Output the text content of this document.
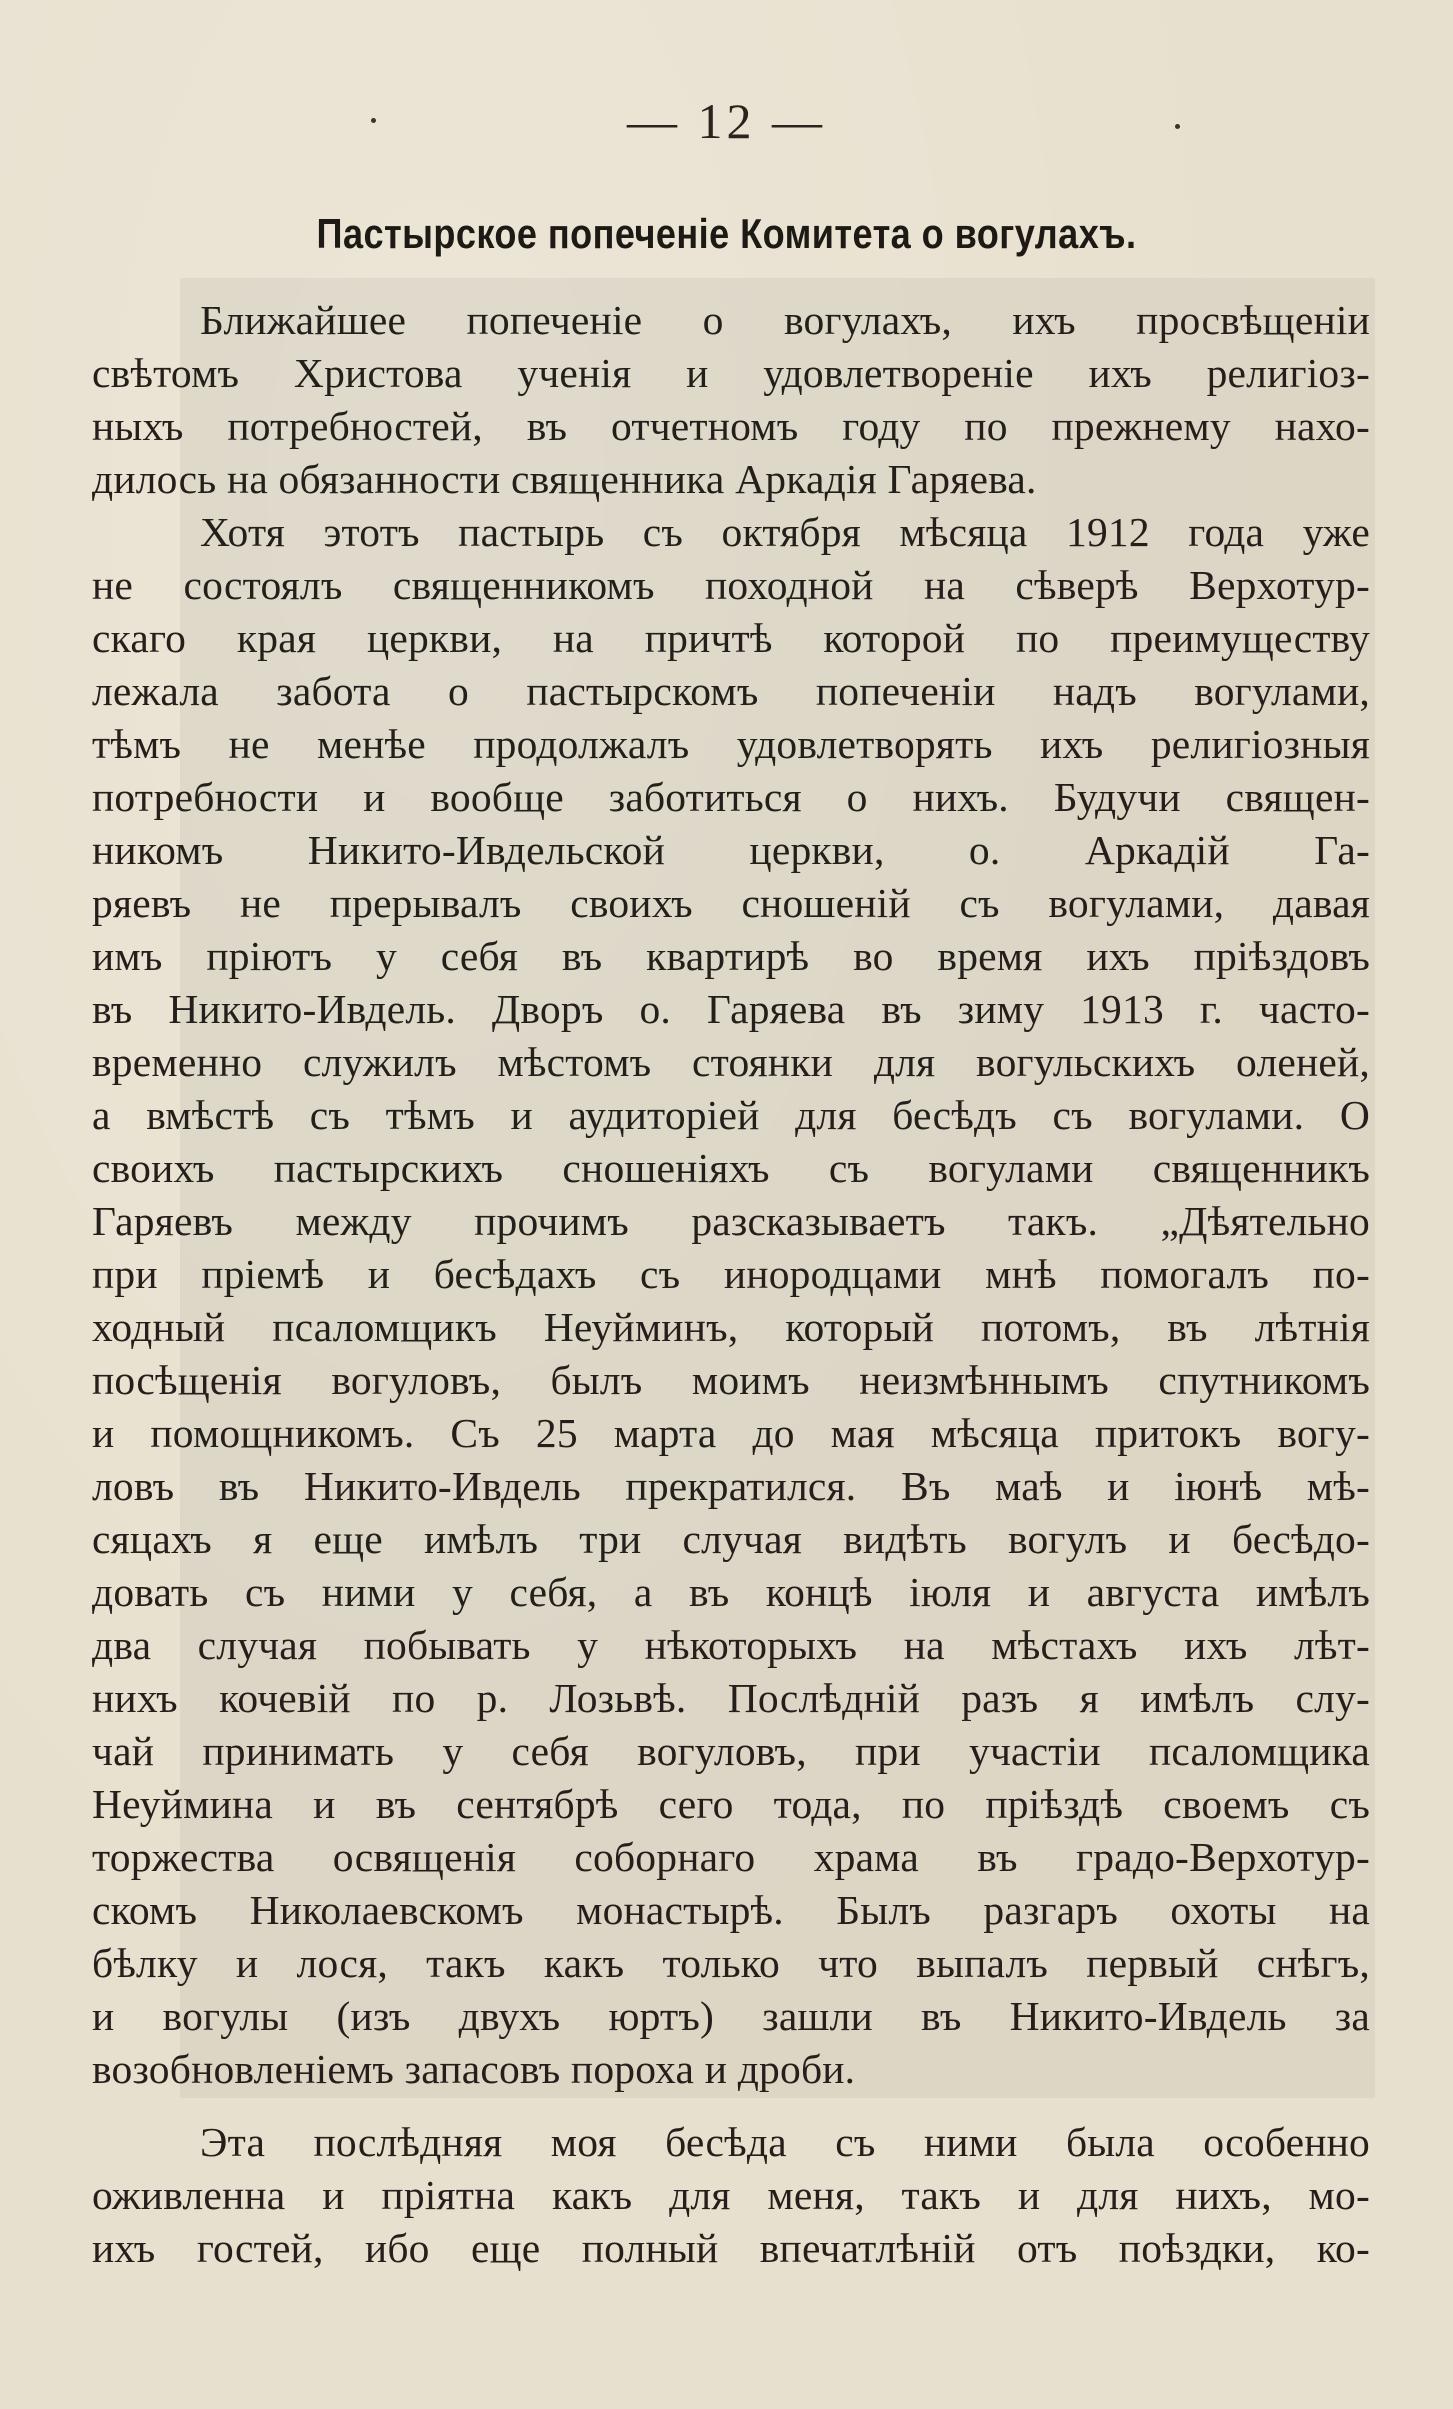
— 12 —
Пастырское попеченіе Комитета о вогулахъ.
Ближайшее попеченіе о вогулахъ, ихъ просвѣщеніи
свѣтомъ Христова ученія и удовлетвореніе ихъ религіоз-
ныхъ потребностей, въ отчетномъ году по прежнему нахо-
дилось на обязанности священника Аркадія Гаряева.
Хотя этотъ пастырь съ октября мѣсяца 1912 года уже
не состоялъ священникомъ походной на сѣверѣ Верхотур-
скаго края церкви, на причтѣ которой по преимуществу
лежала забота о пастырскомъ попеченіи надъ вогулами,
тѣмъ не менѣе продолжалъ удовлетворять ихъ религіозныя
потребности и вообще заботиться о нихъ. Будучи священ-
никомъ Никито-Ивдельской церкви, о. Аркадій Га-
ряевъ не прерывалъ своихъ сношеній съ вогулами, давая
имъ пріютъ у себя въ квартирѣ во время ихъ пріѣздовъ
въ Никито-Ивдель. Дворъ о. Гаряева въ зиму 1913 г. часто-
временно служилъ мѣстомъ стоянки для вогульскихъ оленей,
а вмѣстѣ съ тѣмъ и аудиторіей для бесѣдъ съ вогулами. О
своихъ пастырскихъ сношеніяхъ съ вогулами священникъ
Гаряевъ между прочимъ разсказываетъ такъ. „Дѣятельно
при пріемѣ и бесѣдахъ съ инородцами мнѣ помогалъ по-
ходный псаломщикъ Неуйминъ, который потомъ, въ лѣтнія
посѣщенія вогуловъ, былъ моимъ неизмѣннымъ спутникомъ
и помощникомъ. Съ 25 марта до мая мѣсяца притокъ вогу-
ловъ въ Никито-Ивдель прекратился. Въ маѣ и іюнѣ мѣ-
сяцахъ я еще имѣлъ три случая видѣть вогулъ и бесѣдо-
довать съ ними у себя, а въ концѣ іюля и августа имѣлъ
два случая побывать у нѣкоторыхъ на мѣстахъ ихъ лѣт-
нихъ кочевій по р. Лозьвѣ. Послѣдній разъ я имѣлъ слу-
чай принимать у себя вогуловъ, при участіи псаломщика
Неуймина и въ сентябрѣ сего тода, по пріѣздѣ своемъ съ
торжества освященія соборнаго храма въ градо-Верхотур-
скомъ Николаевскомъ монастырѣ. Былъ разгаръ охоты на
бѣлку и лося, такъ какъ только что выпалъ первый снѣгъ,
и вогулы (изъ двухъ юртъ) зашли въ Никито-Ивдель за
возобновленіемъ запасовъ пороха и дроби.
Эта послѣдняя моя бесѣда съ ними была особенно
оживленна и пріятна какъ для меня, такъ и для нихъ, мо-
ихъ гостей, ибо еще полный впечатлѣній отъ поѣздки, ко-
